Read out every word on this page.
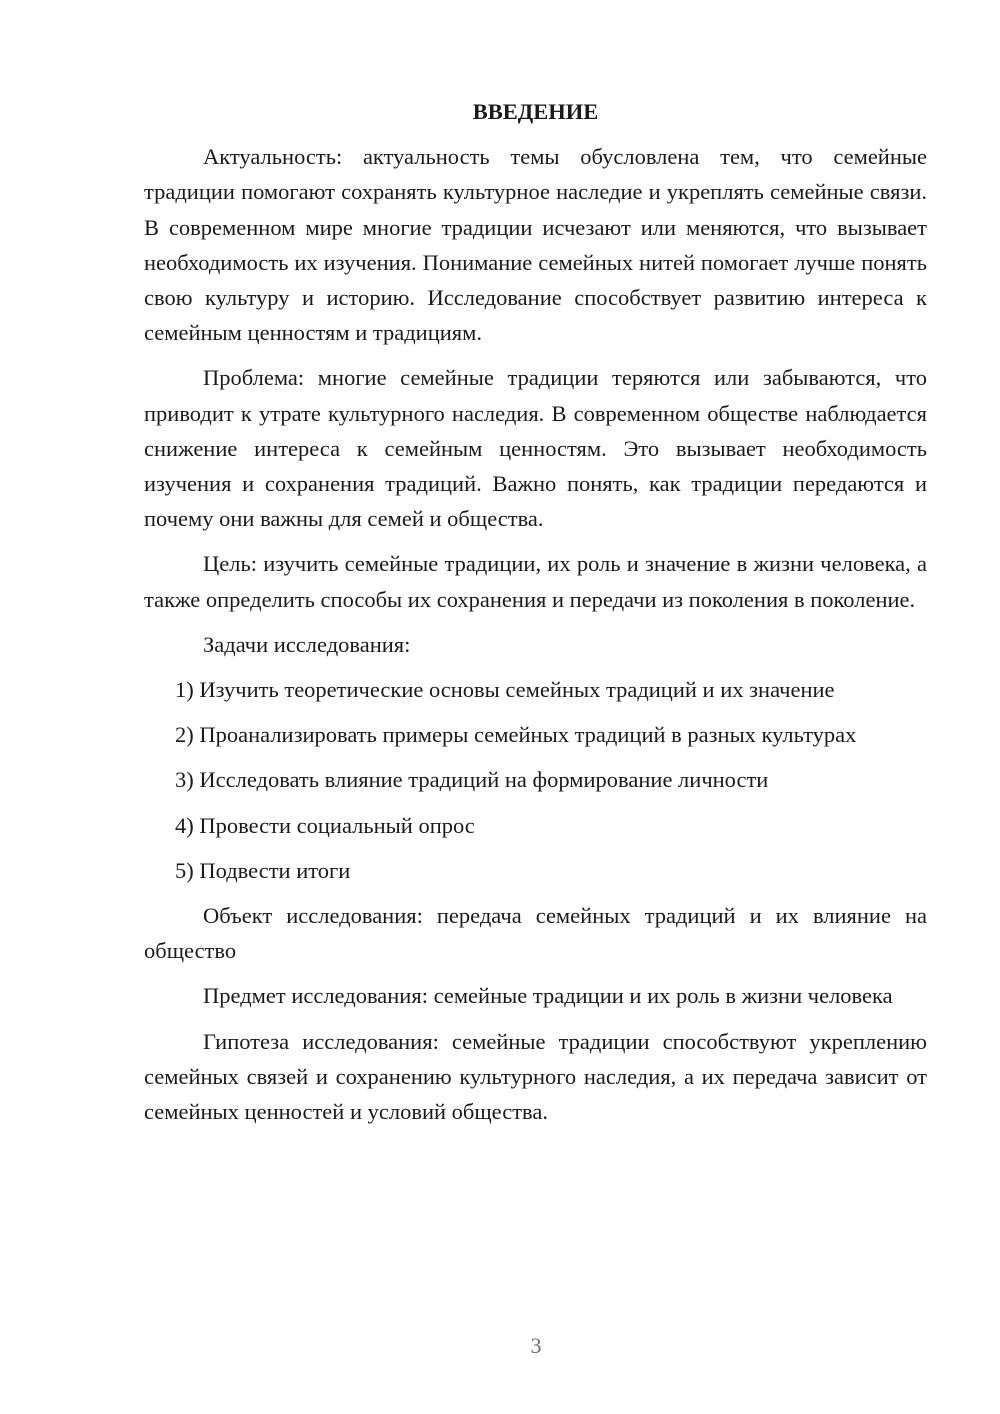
ВВЕДЕНИЕ

Актуальность: актуальность темы обусловлена тем, что семейные традиции помогают сохранять культурное наследие и укреплять семейные связи. В современном мире многие традиции исчезают или меняются, что вызывает необходимость их изучения. Понимание семейных нитей помогает лучше понять свою культуру и историю. Исследование способствует развитию интереса к семейным ценностям и традициям.

Проблема: многие семейные традиции теряются или забываются, что приводит к утрате культурного наследия. В современном обществе наблюдается снижение интереса к семейным ценностям. Это вызывает необходимость изучения и сохранения традиций. Важно понять, как традиции передаются и почему они важны для семей и общества.

Цель: изучить семейные традиции, их роль и значение в жизни человека, а также определить способы их сохранения и передачи из поколения в поколение.

Задачи исследования:

1) Изучить теоретические основы семейных традиций и их значение

2) Проанализировать примеры семейных традиций в разных культурах

3) Исследовать влияние традиций на формирование личности

4) Провести социальный опрос

5) Подвести итоги

Объект исследования: передача семейных традиций и их влияние на общество

Предмет исследования: семейные традиции и их роль в жизни человека

Гипотеза исследования: семейные традиции способствуют укреплению семейных связей и сохранению культурного наследия, а их передача зависит от семейных ценностей и условий общества.

3
